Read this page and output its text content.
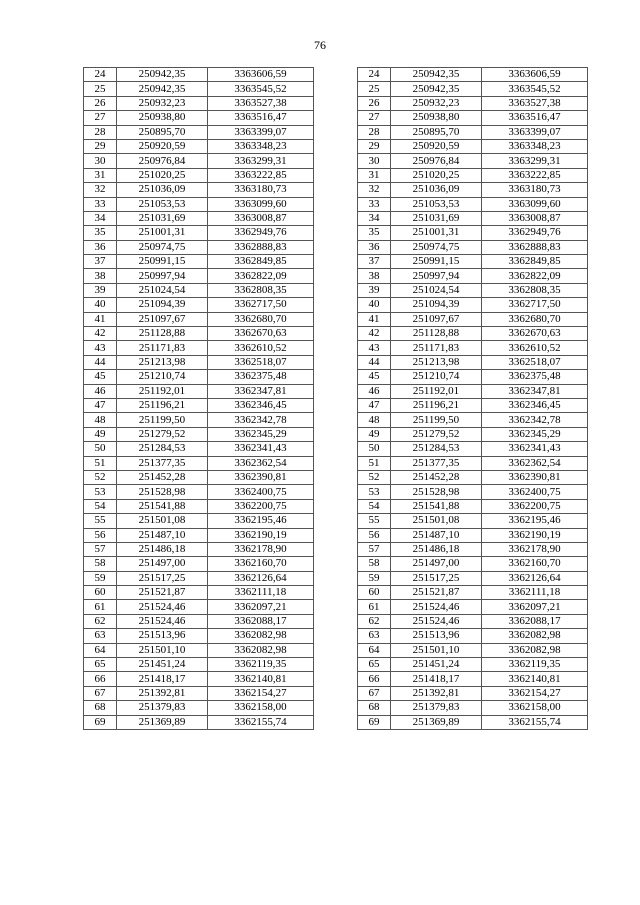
76
24	250942,35	3363606,59
25	250942,35	3363545,52
26	250932,23	3363527,38
27	250938,80	3363516,47
28	250895,70	3363399,07
29	250920,59	3363348,23
30	250976,84	3363299,31
31	251020,25	3363222,85
32	251036,09	3363180,73
33	251053,53	3363099,60
34	251031,69	3363008,87
35	251001,31	3362949,76
36	250974,75	3362888,83
37	250991,15	3362849,85
38	250997,94	3362822,09
39	251024,54	3362808,35
40	251094,39	3362717,50
41	251097,67	3362680,70
42	251128,88	3362670,63
43	251171,83	3362610,52
44	251213,98	3362518,07
45	251210,74	3362375,48
46	251192,01	3362347,81
47	251196,21	3362346,45
48	251199,50	3362342,78
49	251279,52	3362345,29
50	251284,53	3362341,43
51	251377,35	3362362,54
52	251452,28	3362390,81
53	251528,98	3362400,75
54	251541,88	3362200,75
55	251501,08	3362195,46
56	251487,10	3362190,19
57	251486,18	3362178,90
58	251497,00	3362160,70
59	251517,25	3362126,64
60	251521,87	3362111,18
61	251524,46	3362097,21
62	251524,46	3362088,17
63	251513,96	3362082,98
64	251501,10	3362082,98
65	251451,24	3362119,35
66	251418,17	3362140,81
67	251392,81	3362154,27
68	251379,83	3362158,00
69	251369,89	3362155,74
24	250942,35	3363606,59
25	250942,35	3363545,52
26	250932,23	3363527,38
27	250938,80	3363516,47
28	250895,70	3363399,07
29	250920,59	3363348,23
30	250976,84	3363299,31
31	251020,25	3363222,85
32	251036,09	3363180,73
33	251053,53	3363099,60
34	251031,69	3363008,87
35	251001,31	3362949,76
36	250974,75	3362888,83
37	250991,15	3362849,85
38	250997,94	3362822,09
39	251024,54	3362808,35
40	251094,39	3362717,50
41	251097,67	3362680,70
42	251128,88	3362670,63
43	251171,83	3362610,52
44	251213,98	3362518,07
45	251210,74	3362375,48
46	251192,01	3362347,81
47	251196,21	3362346,45
48	251199,50	3362342,78
49	251279,52	3362345,29
50	251284,53	3362341,43
51	251377,35	3362362,54
52	251452,28	3362390,81
53	251528,98	3362400,75
54	251541,88	3362200,75
55	251501,08	3362195,46
56	251487,10	3362190,19
57	251486,18	3362178,90
58	251497,00	3362160,70
59	251517,25	3362126,64
60	251521,87	3362111,18
61	251524,46	3362097,21
62	251524,46	3362088,17
63	251513,96	3362082,98
64	251501,10	3362082,98
65	251451,24	3362119,35
66	251418,17	3362140,81
67	251392,81	3362154,27
68	251379,83	3362158,00
69	251369,89	3362155,74
